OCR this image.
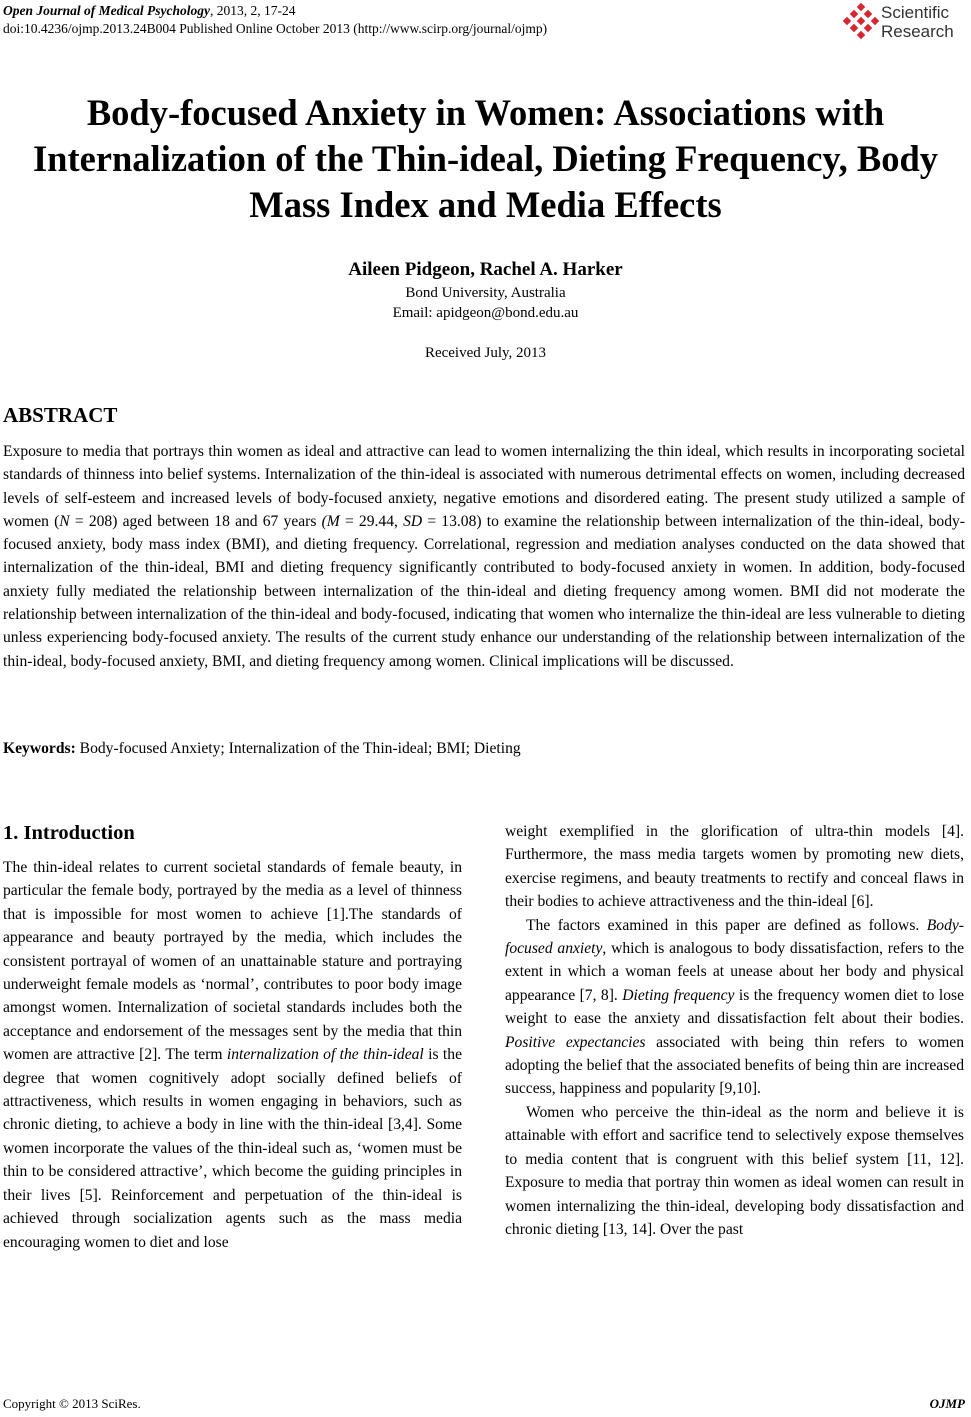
Open Journal of Medical Psychology, 2013, 2, 17-24
doi:10.4236/ojmp.2013.24B004 Published Online October 2013 (http://www.scirp.org/journal/ojmp)
Scientific
Research
Body-focused Anxiety in Women: Associations with Internalization of the Thin-ideal, Dieting Frequency, Body Mass Index and Media Effects
Aileen Pidgeon, Rachel A. Harker
Bond University, Australia
Email: apidgeon@bond.edu.au
Received July, 2013
ABSTRACT

Exposure to media that portrays thin women as ideal and attractive can lead to women internalizing the thin ideal, which results in incorporating societal standards of thinness into belief systems. Internalization of the thin-ideal is associated with numerous detrimental effects on women, including decreased levels of self-esteem and increased levels of body-focused anxiety, negative emotions and disordered eating. The present study utilized a sample of women (N = 208) aged between 18 and 67 years (M = 29.44, SD = 13.08) to examine the relationship between internalization of the thin-ideal, body-focused anxiety, body mass index (BMI), and dieting frequency. Correlational, regression and mediation analyses conducted on the data showed that internalization of the thin-ideal, BMI and dieting frequency significantly contributed to body-focused anxiety in women. In addition, body-focused anxiety fully mediated the relationship between internalization of the thin-ideal and dieting frequency among women. BMI did not moderate the relationship between internalization of the thin-ideal and body-focused, indicating that women who internalize the thin-ideal are less vulnerable to dieting unless experiencing body-focused anxiety. The results of the current study enhance our understanding of the relationship between internalization of the thin-ideal, body-focused anxiety, BMI, and dieting frequency among women. Clinical implications will be discussed.

Keywords: Body-focused Anxiety; Internalization of the Thin-ideal; BMI; Dieting

1. Introduction

The thin-ideal relates to current societal standards of female beauty, in particular the female body, portrayed by the media as a level of thinness that is impossible for most women to achieve [1].The standards of appearance and beauty portrayed by the media, which includes the consistent portrayal of women of an unattainable stature and portraying underweight female models as ‘normal’, contributes to poor body image amongst women. Internalization of societal standards includes both the acceptance and endorsement of the messages sent by the media that thin women are attractive [2]. The term internalization of the thin-ideal is the degree that women cognitively adopt socially defined beliefs of attractiveness, which results in women engaging in behaviors, such as chronic dieting, to achieve a body in line with the thin-ideal [3,4]. Some women incorporate the values of the thin-ideal such as, ‘women must be thin to be considered attractive’, which become the guiding principles in their lives [5]. Reinforcement and perpetuation of the thin-ideal is achieved through socialization agents such as the mass media encouraging women to diet and lose

weight exemplified in the glorification of ultra-thin models [4]. Furthermore, the mass media targets women by promoting new diets, exercise regimens, and beauty treatments to rectify and conceal flaws in their bodies to achieve attractiveness and the thin-ideal [6].

The factors examined in this paper are defined as follows. Body-focused anxiety, which is analogous to body dissatisfaction, refers to the extent in which a woman feels at unease about her body and physical appearance [7, 8]. Dieting frequency is the frequency women diet to lose weight to ease the anxiety and dissatisfaction felt about their bodies. Positive expectancies associated with being thin refers to women adopting the belief that the associated benefits of being thin are increased success, happiness and popularity [9,10].

Women who perceive the thin-ideal as the norm and believe it is attainable with effort and sacrifice tend to selectively expose themselves to media content that is congruent with this belief system [11, 12]. Exposure to media that portray thin women as ideal women can result in women internalizing the thin-ideal, developing body dissatisfaction and chronic dieting [13, 14]. Over the past

Copyright © 2013 SciRes.	OJMP
